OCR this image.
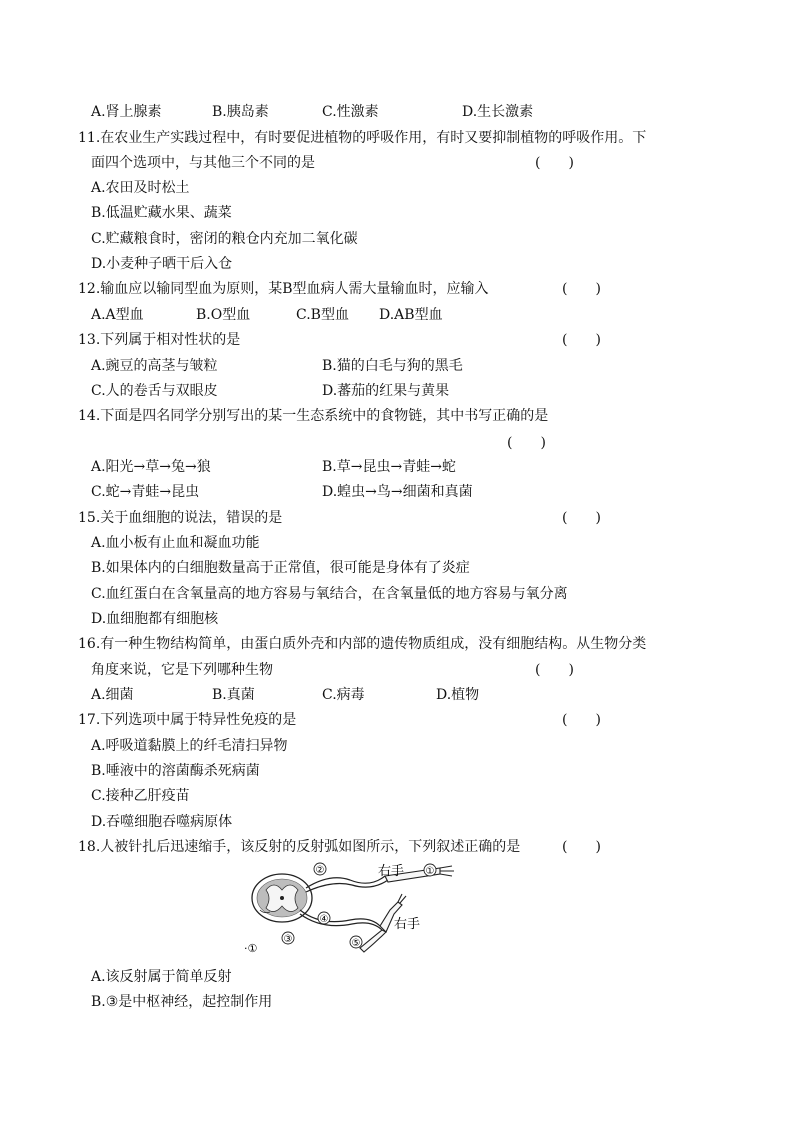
A.肾上腺素	B.胰岛素	C.性激素	D.生长激素
11.在农业生产实践过程中，有时要促进植物的呼吸作用，有时又要抑制植物的呼吸作用。下
面四个选项中，与其他三个不同的是	(　　)
A.农田及时松土
B.低温贮藏水果、蔬菜
C.贮藏粮食时，密闭的粮仓内充加二氧化碳
D.小麦种子晒干后入仓
12.输血应以输同型血为原则，某B型血病人需大量输血时，应输入	(　　)
A.A型血	B.O型血	C.B型血 D.AB型血
13.下列属于相对性状的是	(　　)
A.豌豆的高茎与皱粒	B.猫的白毛与狗的黑毛
C.人的卷舌与双眼皮	D.蕃茄的红果与黄果
14.下面是四名同学分别写出的某一生态系统中的食物链，其中书写正确的是
(　　)
A.阳光→草→兔→狼	B.草→昆虫→青蛙→蛇
C.蛇→青蛙→昆虫	D.蝗虫→鸟→细菌和真菌
15.关于血细胞的说法，错误的是	(　　)
A.血小板有止血和凝血功能
B.如果体内的白细胞数量高于正常值，很可能是身体有了炎症
C.血红蛋白在含氧量高的地方容易与氧结合，在含氧量低的地方容易与氧分离
D.血细胞都有细胞核
16.有一种生物结构简单，由蛋白质外壳和内部的遗传物质组成，没有细胞结构。从生物分类
角度来说，它是下列哪种生物	(　　)
A.细菌	B.真菌	C.病毒	D.植物
17.下列选项中属于特异性免疫的是	(　　)
A.呼吸道黏膜上的纤毛清扫异物
B.唾液中的溶菌酶杀死病菌
C.接种乙肝疫苗
D.吞噬细胞吞噬病原体
18.人被针扎后迅速缩手，该反射的反射弧如图所示，下列叙述正确的是	(　　)
②	右手 ①
④	右手
③	⑤
·①
A.该反射属于简单反射
B.③是中枢神经，起控制作用
